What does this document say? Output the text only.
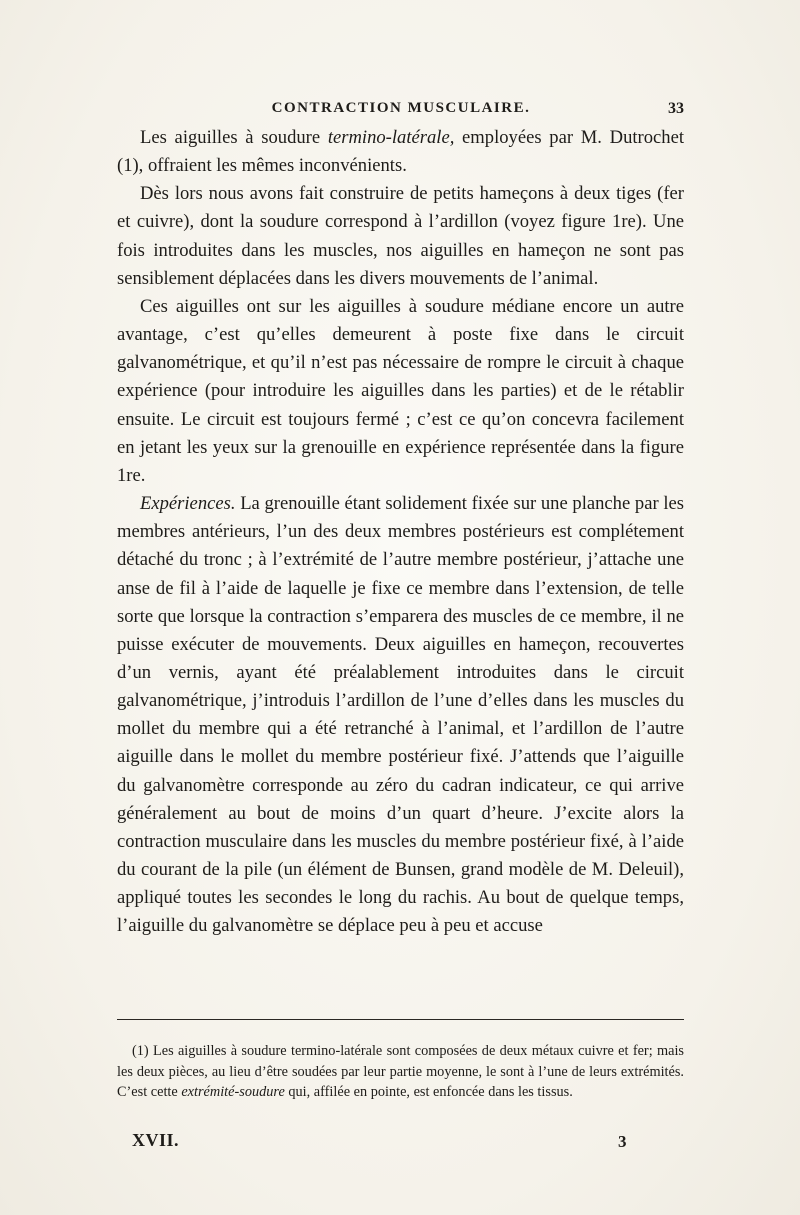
CONTRACTION MUSCULAIRE.	33

Les aiguilles à soudure termino-latérale, employées par M. Dutrochet (1), offraient les mêmes inconvénients.

Dès lors nous avons fait construire de petits hameçons à deux tiges (fer et cuivre), dont la soudure correspond à l’ardillon (voyez figure 1re). Une fois introduites dans les muscles, nos aiguilles en hameçon ne sont pas sensiblement déplacées dans les divers mouvements de l’animal.

Ces aiguilles ont sur les aiguilles à soudure médiane encore un autre avantage, c’est qu’elles demeurent à poste fixe dans le circuit galvanométrique, et qu’il n’est pas nécessaire de rompre le circuit à chaque expérience (pour introduire les aiguilles dans les parties) et de le rétablir ensuite. Le circuit est toujours fermé ; c’est ce qu’on concevra facilement en jetant les yeux sur la grenouille en expérience représentée dans la figure 1re.

Expériences. La grenouille étant solidement fixée sur une planche par les membres antérieurs, l’un des deux membres postérieurs est complétement détaché du tronc ; à l’extrémité de l’autre membre postérieur, j’attache une anse de fil à l’aide de laquelle je fixe ce membre dans l’extension, de telle sorte que lorsque la contraction s’emparera des muscles de ce membre, il ne puisse exécuter de mouvements. Deux aiguilles en hameçon, recouvertes d’un vernis, ayant été préalablement introduites dans le circuit galvanométrique, j’introduis l’ardillon de l’une d’elles dans les muscles du mollet du membre qui a été retranché à l’animal, et l’ardillon de l’autre aiguille dans le mollet du membre postérieur fixé. J’attends que l’aiguille du galvanomètre corresponde au zéro du cadran indicateur, ce qui arrive généralement au bout de moins d’un quart d’heure. J’excite alors la contraction musculaire dans les muscles du membre postérieur fixé, à l’aide du courant de la pile (un élément de Bunsen, grand modèle de M. Deleuil), appliqué toutes les secondes le long du rachis. Au bout de quelque temps, l’aiguille du galvanomètre se déplace peu à peu et accuse

(1) Les aiguilles à soudure termino-latérale sont composées de deux métaux cuivre et fer; mais les deux pièces, au lieu d’être soudées par leur partie moyenne, le sont à l’une de leurs extrémités. C’est cette extrémité-soudure qui, affilée en pointe, est enfoncée dans les tissus.

XVII.	3
